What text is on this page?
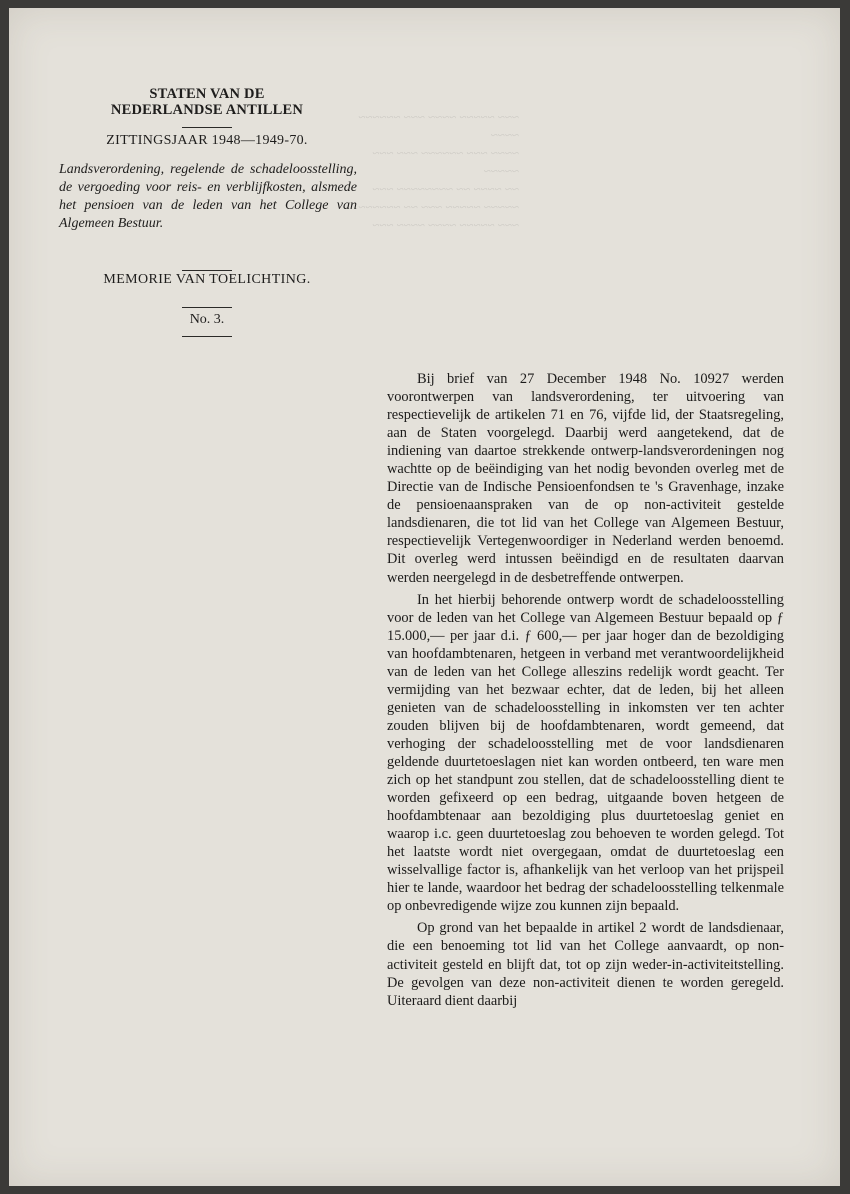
~~~ ~~~~~ ~~~~ ~~~ ~~~~~~ ~~~~
~~~~ ~~~ ~~~~~~ ~~~ ~~~ ~~~~~
~~ ~~~~ ~~ ~~~~~~~~ ~~~
~~~~~ ~~~~~ ~~~ ~~ ~~~~~~
~~~ ~~~~~ ~~~~ ~~~~ ~~~
STATEN VAN DE
NEDERLANDSE ANTILLEN
ZITTINGSJAAR 1948—1949-70.
Landsverordening, regelende de schadeloosstelling, de vergoeding voor reis- en verblijfkosten, alsmede het pensioen van de leden van het College van Algemeen Bestuur.
MEMORIE VAN TOELICHTING.
No. 3.

Bij brief van 27 December 1948 No. 10927 werden voorontwerpen van landsverordening, ter uitvoering van respectievelijk de artikelen 71 en 76, vijfde lid, der Staatsregeling, aan de Staten voorgelegd. Daarbij werd aangetekend, dat de indiening van daartoe strekkende ontwerp-landsverordeningen nog wachtte op de beëindiging van het nodig bevonden overleg met de Directie van de Indische Pensioenfondsen te 's Gravenhage, inzake de pensioenaanspraken van de op non-activiteit gestelde landsdienaren, die tot lid van het College van Algemeen Bestuur, respectievelijk Vertegenwoordiger in Nederland werden benoemd. Dit overleg werd intussen beëindigd en de resultaten daarvan werden neergelegd in de desbetreffende ontwerpen.

In het hierbij behorende ontwerp wordt de schadeloosstelling voor de leden van het College van Algemeen Bestuur bepaald op ƒ 15.000,— per jaar d.i. ƒ 600,— per jaar hoger dan de bezoldiging van hoofdambtenaren, hetgeen in verband met verantwoordelijkheid van de leden van het College alleszins redelijk wordt geacht. Ter vermijding van het bezwaar echter, dat de leden, bij het alleen genieten van de schadeloosstelling in inkomsten ver ten achter zouden blijven bij de hoofdambtenaren, wordt gemeend, dat verhoging der schadeloosstelling met de voor landsdienaren geldende duurtetoeslagen niet kan worden ontbeerd, ten ware men zich op het standpunt zou stellen, dat de schadeloosstelling dient te worden gefixeerd op een bedrag, uitgaande boven hetgeen de hoofdambtenaar aan bezoldiging plus duurtetoeslag geniet en waarop i.c. geen duurtetoeslag zou behoeven te worden gelegd. Tot het laatste wordt niet overgegaan, omdat de duurtetoeslag een wisselvallige factor is, afhankelijk van het verloop van het prijspeil hier te lande, waardoor het bedrag der schadeloosstelling telkenmale op onbevredigende wijze zou kunnen zijn bepaald.

Op grond van het bepaalde in artikel 2 wordt de landsdienaar, die een benoeming tot lid van het College aanvaardt, op non-activiteit gesteld en blijft dat, tot op zijn weder-in-activiteitstelling. De gevolgen van deze non-activiteit dienen te worden geregeld. Uiteraard dient daarbij
